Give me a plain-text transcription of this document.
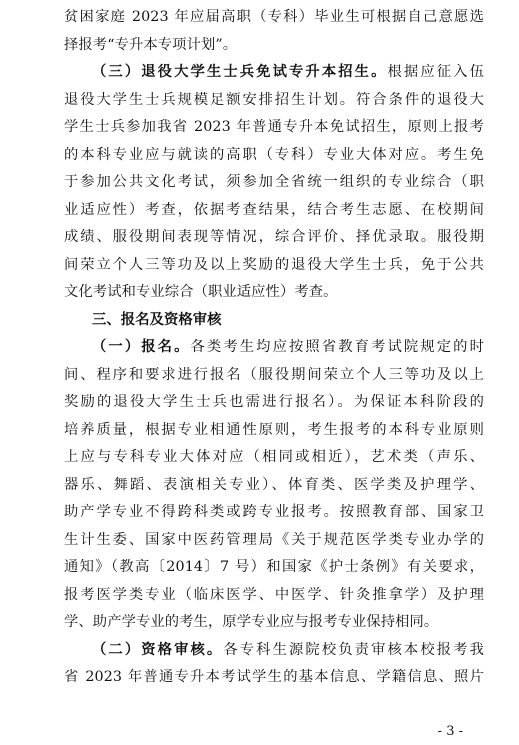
贫困家庭 2023 年应届高职（专科）毕业生可根据自己意愿选
择报考“专升本专项计划”。
（三）退役大学生士兵免试专升本招生。根据应征入伍
退役大学生士兵规模足额安排招生计划。符合条件的退役大
学生士兵参加我省 2023 年普通专升本免试招生，原则上报考
的本科专业应与就读的高职（专科）专业大体对应。考生免
于参加公共文化考试，须参加全省统一组织的专业综合（职
业适应性）考查，依据考查结果，结合考生志愿、在校期间
成绩、服役期间表现等情况，综合评价、择优录取。服役期
间荣立个人三等功及以上奖励的退役大学生士兵，免于公共
文化考试和专业综合（职业适应性）考查。
三、报名及资格审核
（一）报名。各类考生均应按照省教育考试院规定的时
间、程序和要求进行报名（服役期间荣立个人三等功及以上
奖励的退役大学生士兵也需进行报名）。为保证本科阶段的
培养质量，根据专业相通性原则，考生报考的本科专业原则
上应与专科专业大体对应（相同或相近），艺术类（声乐、
器乐、舞蹈、表演相关专业）、体育类、医学类及护理学、
助产学专业不得跨科类或跨专业报考。按照教育部、国家卫
生计生委、国家中医药管理局《关于规范医学类专业办学的
通知》（教高〔2014〕7 号）和国家《护士条例》有关要求，
报考医学类专业（临床医学、中医学、针灸推拿学）及护理
学、助产学专业的考生，原学专业应与报考专业保持相同。
（二）资格审核。各专科生源院校负责审核本校报考我
省 2023 年普通专升本考试学生的基本信息、学籍信息、照片
- 3 -
